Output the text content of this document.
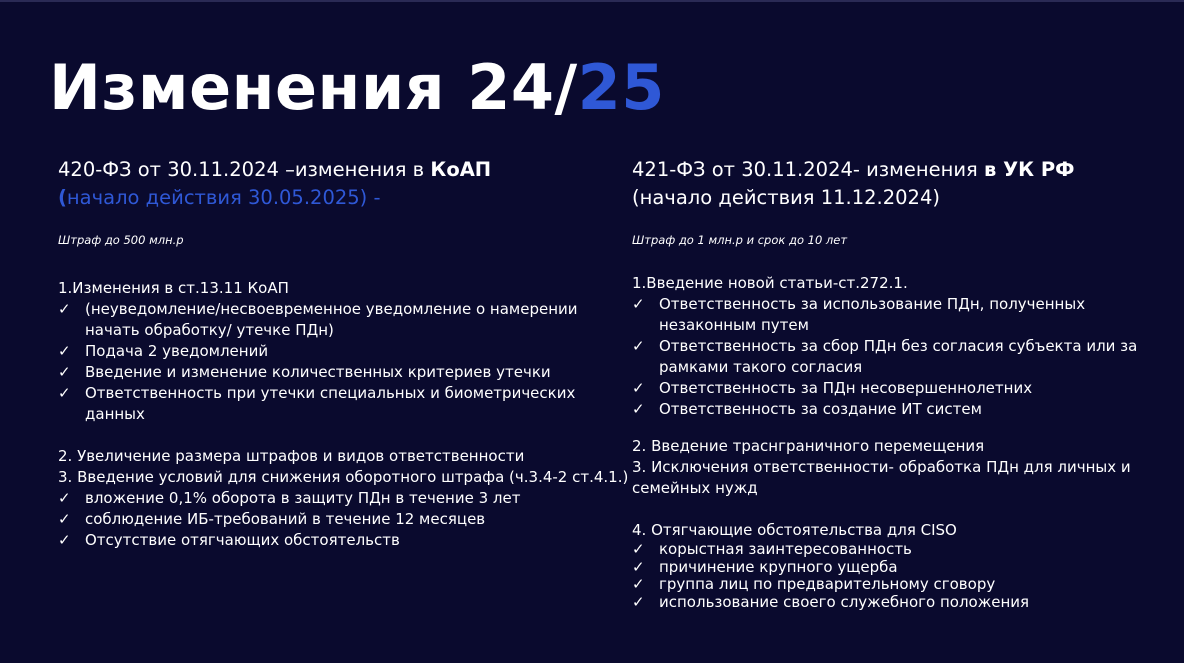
Изменения 24/25
420-ФЗ от 30.11.2024 –изменения в КоАП
(начало действия 30.05.2025) -
Штраф до 500 млн.р
1.Изменения в ст.13.11 КоАП
✓ (неуведомление/несвоевременное уведомление о намерении
начать обработку/ утечке ПДн)
✓ Подача 2 уведомлений
✓ Введение и изменение количественных критериев утечки
✓ Ответственность при утечки специальных и биометрических
данных
2. Увеличение размера штрафов и видов ответственности
3. Введение условий для снижения оборотного штрафа (ч.3.4-2 ст.4.1.)
✓ вложение 0,1% оборота в защиту ПДн в течение 3 лет
✓ соблюдение ИБ-требований в течение 12 месяцев
✓ Отсутствие отягчающих обстоятельств
421-ФЗ от 30.11.2024- изменения в УК РФ
(начало действия 11.12.2024)
Штраф до 1 млн.р и срок до 10 лет
1.Введение новой статьи-ст.272.1.
✓ Ответственность за использование ПДн, полученных
незаконным путем
✓ Ответственность за сбор ПДн без согласия субъекта или за
рамками такого согласия
✓ Ответственность за ПДн несовершеннолетних
✓ Ответственность за создание ИТ систем
2. Введение траснграничного перемещения
3. Исключения ответственности- обработка ПДн для личных и
семейных нужд
4. Отягчающие обстоятельства для CISO
✓ корыстная заинтересованность
✓ причинение крупного ущерба
✓ группа лиц по предварительному сговору
✓ использование своего служебного положения
